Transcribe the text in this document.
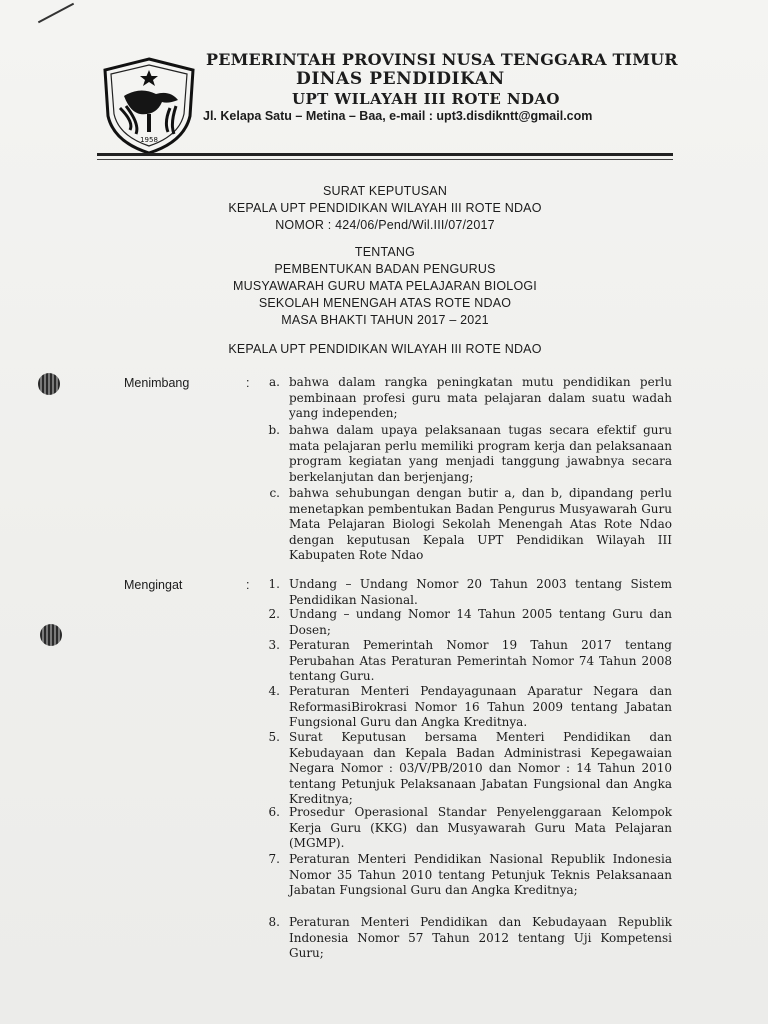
1958
PEMERINTAH PROVINSI NUSA TENGGARA TIMUR
DINAS PENDIDIKAN
UPT WILAYAH III ROTE NDAO
Jl. Kelapa Satu – Metina – Baa, e-mail : upt3.disdikntt@gmail.com
SURAT KEPUTUSAN
KEPALA UPT PENDIDIKAN WILAYAH III ROTE NDAO
NOMOR : 424/06/Pend/Wil.III/07/2017
TENTANG
PEMBENTUKAN BADAN PENGURUS
MUSYAWARAH GURU MATA PELAJARAN BIOLOGI
SEKOLAH MENENGAH ATAS ROTE NDAO
MASA BHAKTI TAHUN 2017 – 2021
KEPALA UPT PENDIDIKAN WILAYAH III ROTE NDAO
Menimbang	:	a. bahwa dalam rangka peningkatan mutu pendidikan perlu pembinaan profesi guru mata pelajaran dalam suatu wadah yang independen;
b. bahwa dalam upaya pelaksanaan tugas secara efektif guru mata pelajaran perlu memiliki program kerja dan pelaksanaan program kegiatan yang menjadi tanggung jawabnya secara berkelanjutan dan berjenjang;
c. bahwa sehubungan dengan butir a, dan b, dipandang perlu menetapkan pembentukan Badan Pengurus Musyawarah Guru Mata Pelajaran Biologi Sekolah Menengah Atas Rote Ndao dengan keputusan Kepala UPT Pendidikan Wilayah III Kabupaten Rote Ndao
Mengingat	:	1. Undang – Undang Nomor 20 Tahun 2003 tentang Sistem Pendidikan Nasional.
2. Undang – undang Nomor 14 Tahun 2005 tentang Guru dan Dosen;
3. Peraturan Pemerintah Nomor 19 Tahun 2017 tentang Perubahan Atas Peraturan Pemerintah Nomor 74 Tahun 2008 tentang Guru.
4. Peraturan Menteri Pendayagunaan Aparatur Negara dan ReformasiBirokrasi Nomor 16 Tahun 2009 tentang Jabatan Fungsional Guru dan Angka Kreditnya.
5. Surat Keputusan bersama Menteri Pendidikan dan Kebudayaan dan Kepala Badan Administrasi Kepegawaian Negara Nomor : 03/V/PB/2010 dan Nomor : 14 Tahun 2010 tentang Petunjuk Pelaksanaan Jabatan Fungsional dan Angka Kreditnya;
6. Prosedur Operasional Standar Penyelenggaraan Kelompok Kerja Guru (KKG) dan Musyawarah Guru Mata Pelajaran (MGMP).
7. Peraturan Menteri Pendidikan Nasional Republik Indonesia Nomor 35 Tahun 2010 tentang Petunjuk Teknis Pelaksanaan Jabatan Fungsional Guru dan Angka Kreditnya;
8. Peraturan Menteri Pendidikan dan Kebudayaan Republik Indonesia Nomor 57 Tahun 2012 tentang Uji Kompetensi Guru;
